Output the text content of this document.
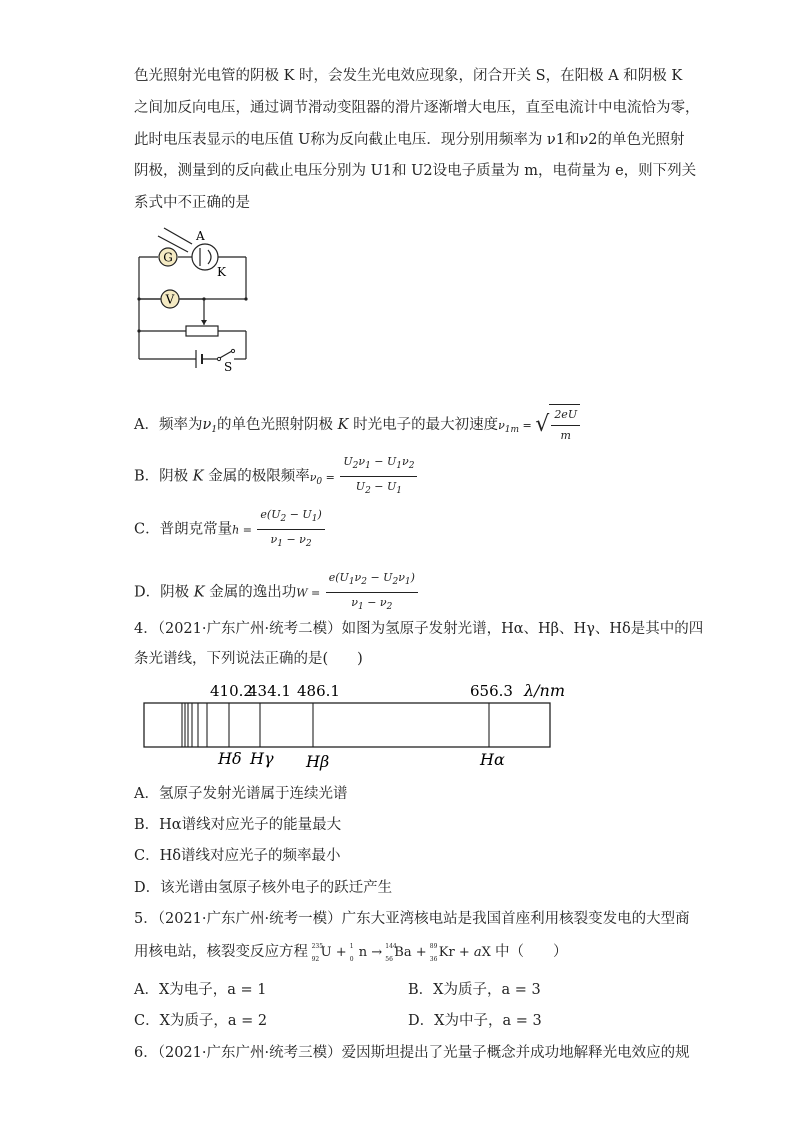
色光照射光电管的阴极 K 时，会发生光电效应现象，闭合开关 S，在阳极 A 和阴极 K
之间加反向电压，通过调节滑动变阻器的滑片逐渐增大电压，直至电流计中电流恰为零，
此时电压表显示的电压值 U称为反向截止电压．现分别用频率为 ν1和ν2的单色光照射
阴极，测量到的反向截止电压分别为 U1和 U2设电子质量为 m，电荷量为 e，则下列关
系式中不正确的是
G
V
A
K
S
A．频率为$\nu_1$的单色光照射阴极 K 时光电子的最大初速度$\nu_{1m}$ = √ $\frac{2eU}{m}$
B．阴极 K 金属的极限频率$\nu_0 = \frac{U_2\nu_1 - U_1\nu_2}{U_2 - U_1}$
C．普朗克常量$h = \frac{e(U_2 - U_1)}{\nu_1 - \nu_2}$
D．阴极 K 金属的逸出功$W = \frac{e(U_1\nu_2 - U_2\nu_1)}{\nu_1 - \nu_2}$
4．（2021·广东广州·统考二模）如图为氢原子发射光谱，Hα、Hβ、Hγ、Hδ是其中的四
条光谱线，下列说法正确的是(　　)
410.2
434.1 486.1	656.3 λ/nm
Hδ Hγ Hβ	Hα
A．氢原子发射光谱属于连续光谱
B．Hα谱线对应光子的能量最大
C．Hδ谱线对应光子的频率最小
D．该光谱由氢原子核外电子的跃迁产生
5．（2021·广东广州·统考一模）广东大亚湾核电站是我国首座利用核裂变发电的大型商
用核电站，核裂变反应方程 235
92 U + 1
0 n → 144
56 Ba + 89
36 Kr + aX 中（　　）
A．X为电子，a = 1	B．X为质子，a = 3
C．X为质子，a = 2	D．X为中子，a = 3
6．（2021·广东广州·统考三模）爱因斯坦提出了光量子概念并成功地解释光电效应的规
